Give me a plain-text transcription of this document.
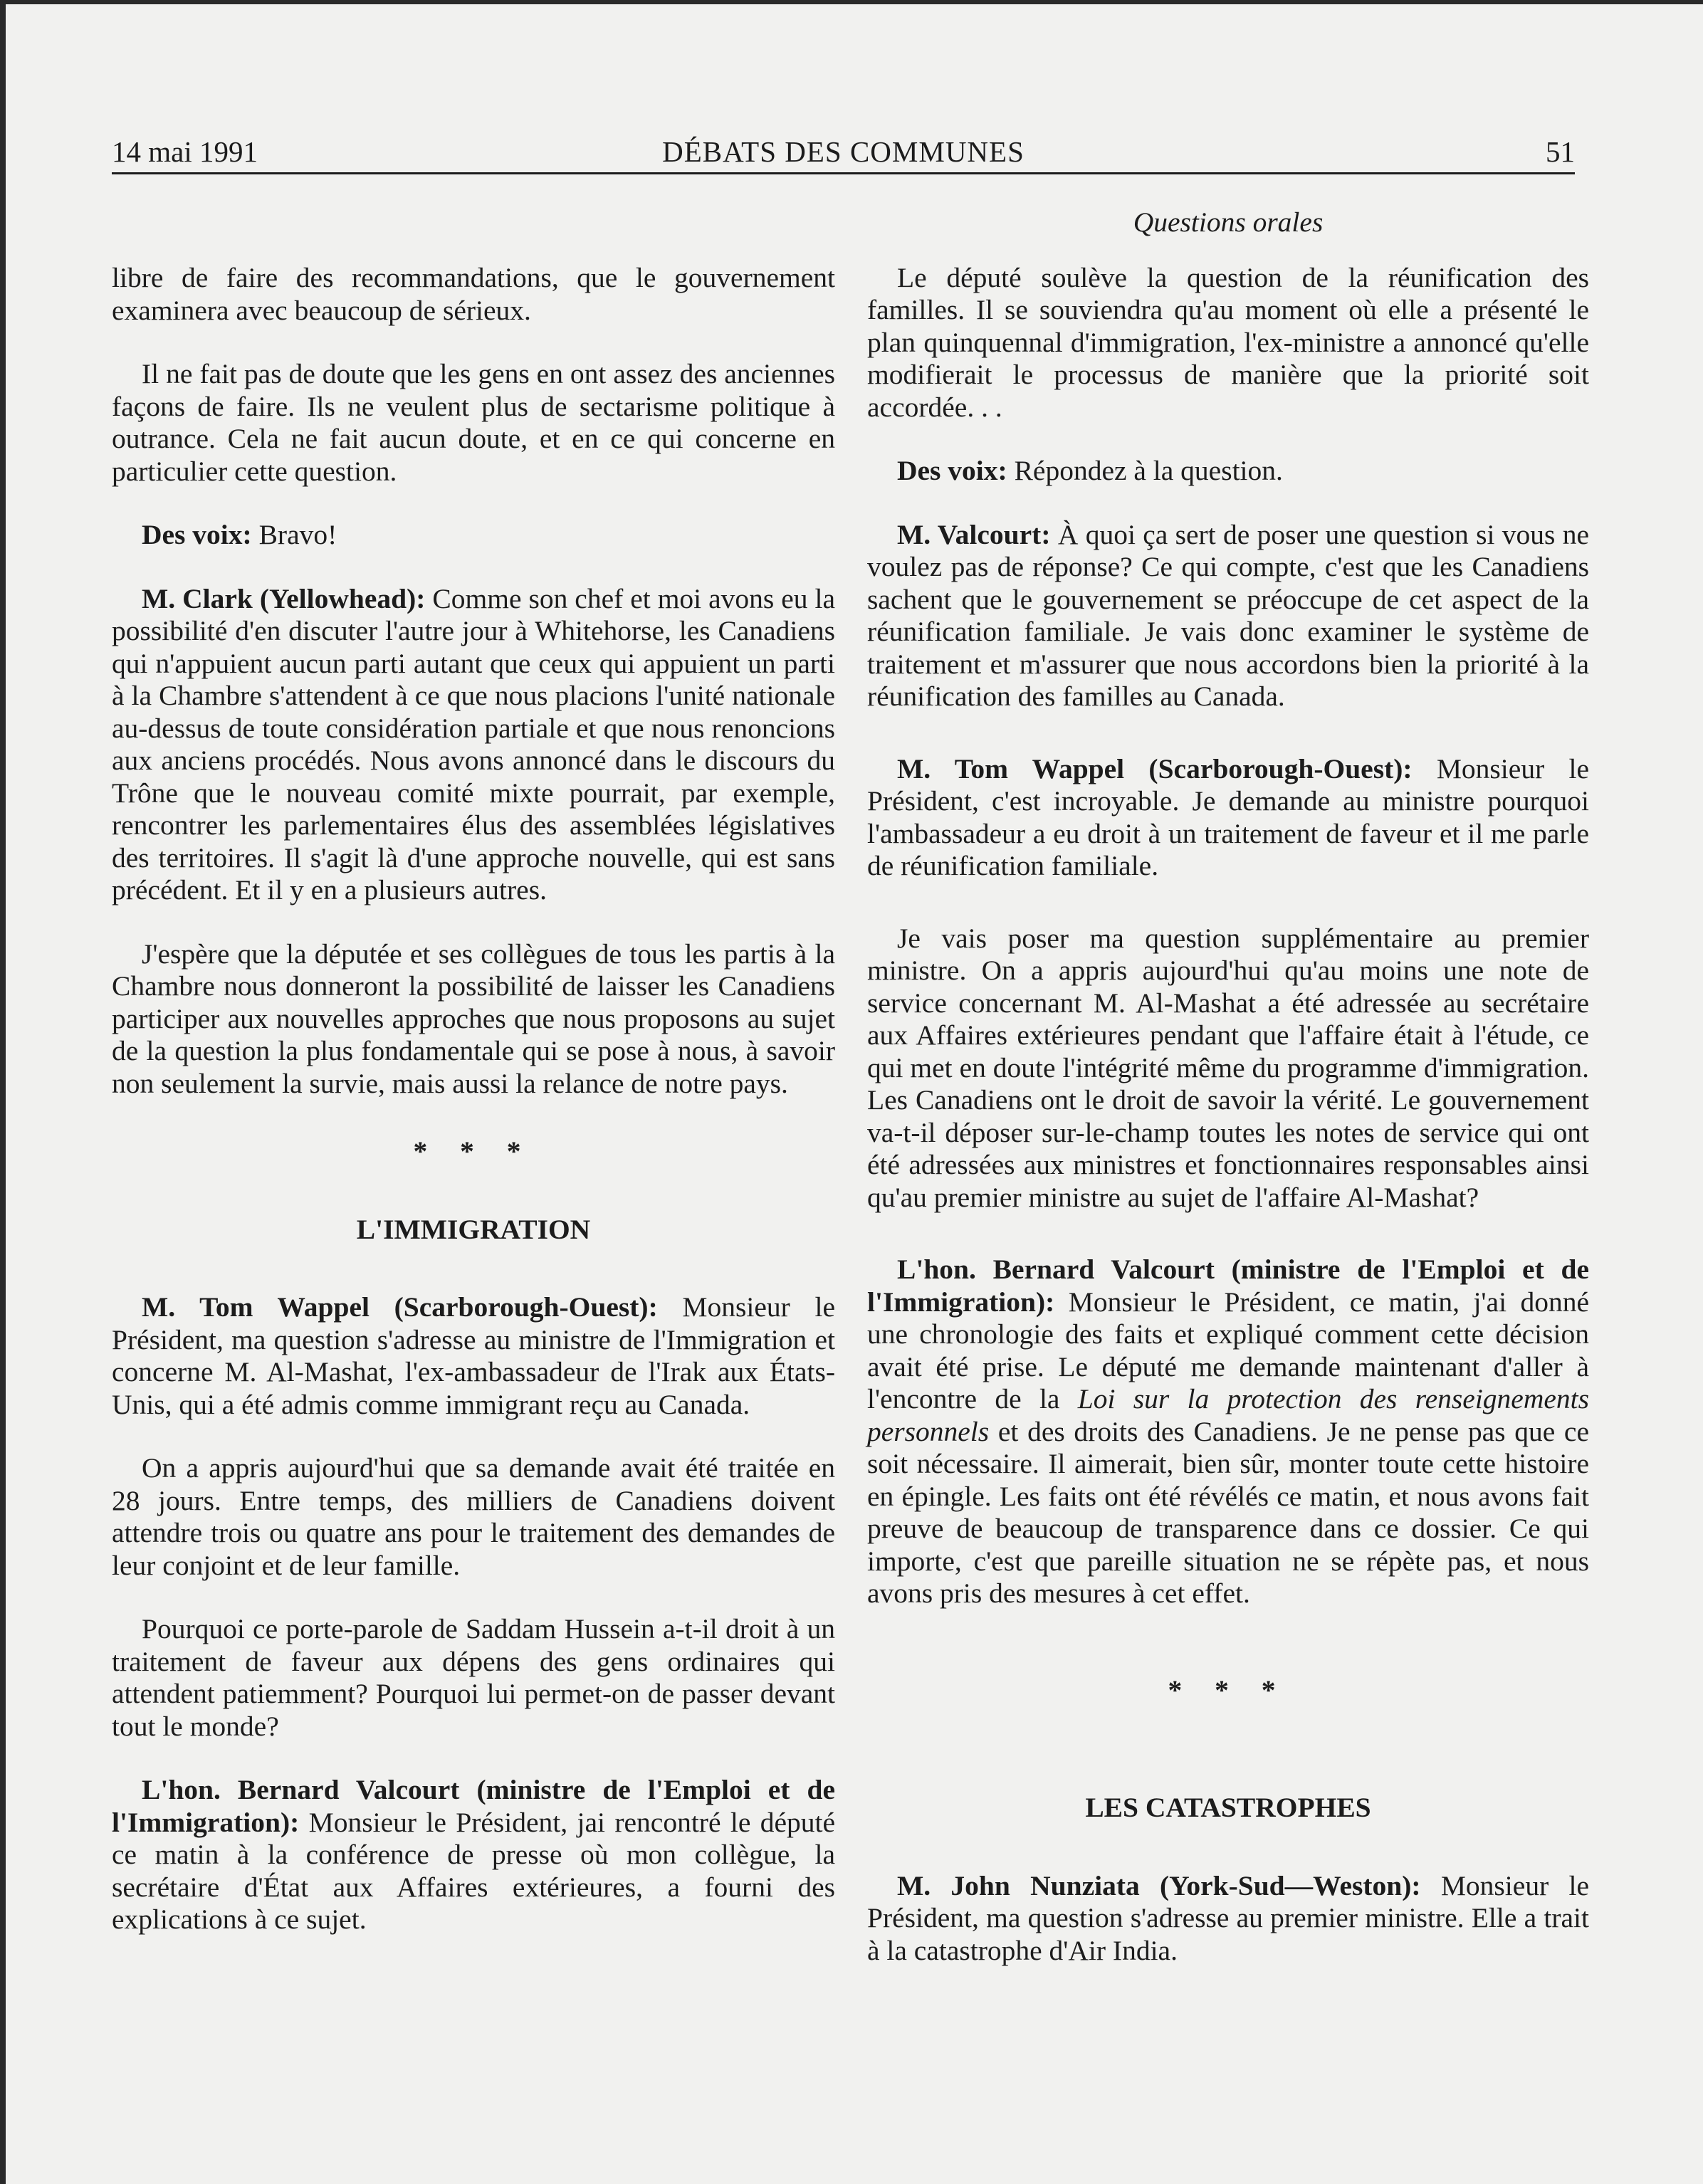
14 mai 1991	DÉBATS DES COMMUNES	51

libre de faire des recommandations, que le gouvernement examinera avec beaucoup de sérieux.

Il ne fait pas de doute que les gens en ont assez des anciennes façons de faire. Ils ne veulent plus de sectarisme politique à outrance. Cela ne fait aucun doute, et en ce qui concerne en particulier cette question.

Des voix: Bravo!

M. Clark (Yellowhead): Comme son chef et moi avons eu la possibilité d'en discuter l'autre jour à Whitehorse, les Canadiens qui n'appuient aucun parti autant que ceux qui appuient un parti à la Chambre s'attendent à ce que nous placions l'unité nationale au-dessus de toute considération partiale et que nous renoncions aux anciens procédés. Nous avons annoncé dans le discours du Trône que le nouveau comité mixte pourrait, par exemple, rencontrer les parlementaires élus des assemblées législatives des territoires. Il s'agit là d'une approche nouvelle, qui est sans précédent. Et il y en a plusieurs autres.

J'espère que la députée et ses collègues de tous les partis à la Chambre nous donneront la possibilité de laisser les Canadiens participer aux nouvelles approches que nous proposons au sujet de la question la plus fondamentale qui se pose à nous, à savoir non seulement la survie, mais aussi la relance de notre pays.

* * *
L'IMMIGRATION

M. Tom Wappel (Scarborough-Ouest): Monsieur le Président, ma question s'adresse au ministre de l'Immigration et concerne M. Al-Mashat, l'ex-ambassadeur de l'Irak aux États-Unis, qui a été admis comme immigrant reçu au Canada.

On a appris aujourd'hui que sa demande avait été traitée en 28 jours. Entre temps, des milliers de Canadiens doivent attendre trois ou quatre ans pour le traitement des demandes de leur conjoint et de leur famille.

Pourquoi ce porte-parole de Saddam Hussein a-t-il droit à un traitement de faveur aux dépens des gens ordinaires qui attendent patiemment? Pourquoi lui permet-on de passer devant tout le monde?

L'hon. Bernard Valcourt (ministre de l'Emploi et de l'Immigration): Monsieur le Président, jai rencontré le député ce matin à la conférence de presse où mon collègue, la secrétaire d'État aux Affaires extérieures, a fourni des explications à ce sujet.

Questions orales

Le député soulève la question de la réunification des familles. Il se souviendra qu'au moment où elle a présenté le plan quinquennal d'immigration, l'ex-ministre a annoncé qu'elle modifierait le processus de manière que la priorité soit accordée. . .

Des voix: Répondez à la question.

M. Valcourt: À quoi ça sert de poser une question si vous ne voulez pas de réponse? Ce qui compte, c'est que les Canadiens sachent que le gouvernement se préoccupe de cet aspect de la réunification familiale. Je vais donc examiner le système de traitement et m'assurer que nous accordons bien la priorité à la réunification des familles au Canada.

M. Tom Wappel (Scarborough-Ouest): Monsieur le Président, c'est incroyable. Je demande au ministre pourquoi l'ambassadeur a eu droit à un traitement de faveur et il me parle de réunification familiale.

Je vais poser ma question supplémentaire au premier ministre. On a appris aujourd'hui qu'au moins une note de service concernant M. Al-Mashat a été adressée au secrétaire aux Affaires extérieures pendant que l'affaire était à l'étude, ce qui met en doute l'intégrité même du programme d'immigration. Les Canadiens ont le droit de savoir la vérité. Le gouvernement va-t-il déposer sur-le-champ toutes les notes de service qui ont été adressées aux ministres et fonctionnaires responsables ainsi qu'au premier ministre au sujet de l'affaire Al-Mashat?

L'hon. Bernard Valcourt (ministre de l'Emploi et de l'Immigration): Monsieur le Président, ce matin, j'ai donné une chronologie des faits et expliqué comment cette décision avait été prise. Le député me demande maintenant d'aller à l'encontre de la Loi sur la protection des renseignements personnels et des droits des Canadiens. Je ne pense pas que ce soit nécessaire. Il aimerait, bien sûr, monter toute cette histoire en épingle. Les faits ont été révélés ce matin, et nous avons fait preuve de beaucoup de transparence dans ce dossier. Ce qui importe, c'est que pareille situation ne se répète pas, et nous avons pris des mesures à cet effet.

* * *
LES CATASTROPHES

M. John Nunziata (York-Sud—Weston): Monsieur le Président, ma question s'adresse au premier ministre. Elle a trait à la catastrophe d'Air India.
